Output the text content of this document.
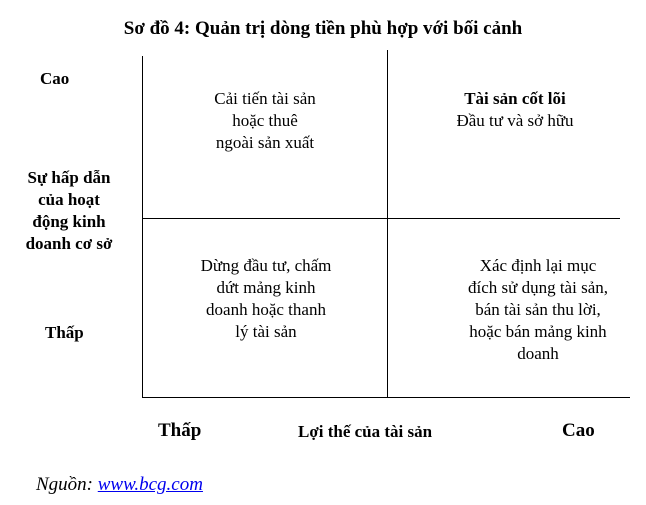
Sơ đồ 4: Quản trị dòng tiền phù hợp với bối cảnh
Cao
Sự hấp dẫn
của hoạt
động kinh
doanh cơ sở
Thấp
Cải tiến tài sản
hoặc thuê
ngoài sản xuất
Tài sản cốt lõi
Đầu tư và sở hữu
Dừng đầu tư, chấm
dứt mảng kinh
doanh hoặc thanh
lý tài sản
Xác định lại mục
đích sử dụng tài sản,
bán tài sản thu lời,
hoặc bán mảng kinh
doanh
Thấp	Lợi thế của tài sản	Cao
Nguồn: www.bcg.com
